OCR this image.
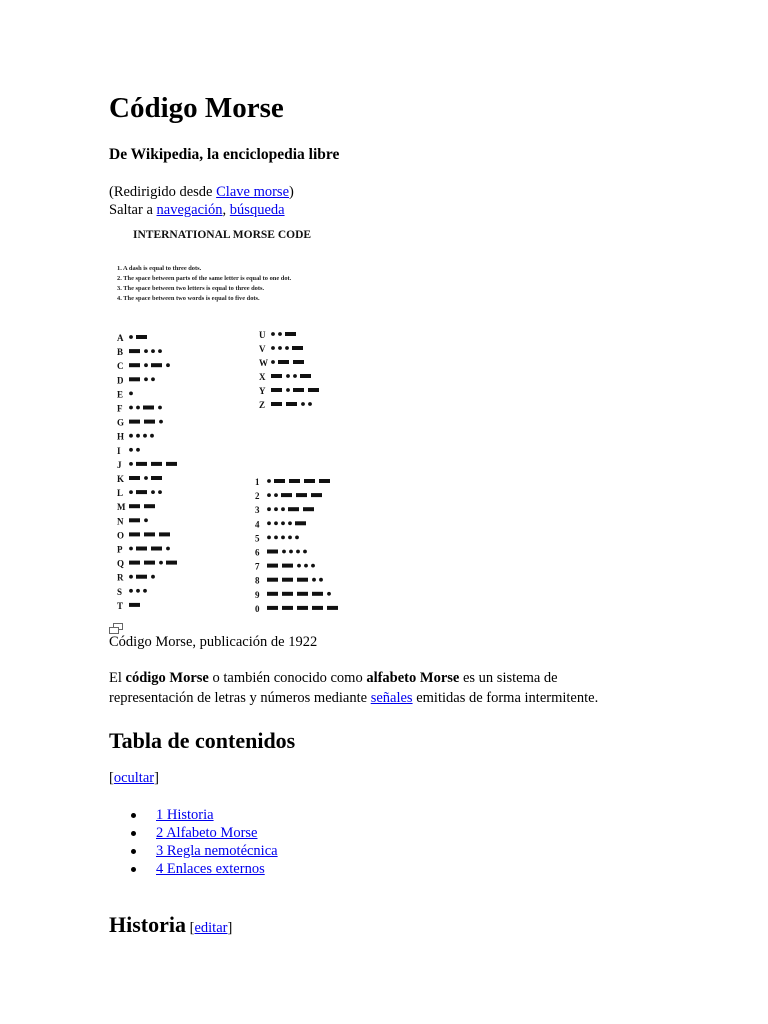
Código Morse
De Wikipedia, la enciclopedia libre
(Redirigido desde Clave morse)
Saltar a navegación, búsqueda
INTERNATIONAL MORSE CODE
1. A dash is equal to three dots.
2. The space between parts of the same letter is equal to one dot.
3. The space between two letters is equal to three dots.
4. The space between two words is equal to five dots.
A
B
C
D
E
F
G
H
I
J
K
L
M
N
O
P
Q
R
S
T
U
V
W
X
Y
Z
1
2
3
4
5
6
7
8
9
0
Código Morse, publicación de 1922
El código Morse o también conocido como alfabeto Morse es un sistema de
representación de letras y números mediante señales emitidas de forma intermitente.
Tabla de contenidos
[ocultar]
1 Historia
2 Alfabeto Morse
3 Regla nemotécnica
4 Enlaces externos
Historia [editar]
